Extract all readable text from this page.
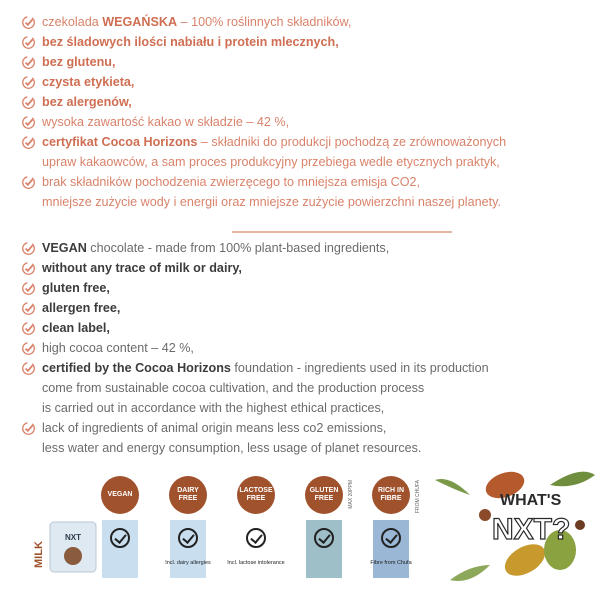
czekolada WEGAŃSKA – 100% roślinnych składników,
bez śladowych ilości nabiału i protein mlecznych,
bez glutenu,
czysta etykieta,
bez alergenów,
wysoka zawartość kakao w składzie – 42 %,
certyfikat Cocoa Horizons – składniki do produkcji pochodzą ze zrównoważonych
upraw kakaowców, a sam proces produkcyjny przebiega wedle etycznych praktyk,
brak składników pochodzenia zwierzęcego to mniejsza emisja CO2,
mniejsze zużycie wody i energii oraz mniejsze zużycie powierzchni naszej planety.
VEGAN chocolate - made from 100% plant-based ingredients,
without any trace of milk or dairy,
gluten free,
allergen free,
clean label,
high cocoa content – 42 %,
certified by the Cocoa Horizons foundation - ingredients used in its production
come from sustainable cocoa cultivation, and the production process
is carried out in accordance with the highest ethical practices,
lack of ingredients of animal origin means less co2 emissions,
less water and energy consumption, less usage of planet resources.
MILK
NXT
VEGAN
DAIRY
FREE
Incl. dairy allergies
LACTOSE
FREE
Incl. lactose intolerance
GLUTEN
FREE	MAX 20PPM	RICH IN
FIBRE
Fibre from Chufa
FROM CHUFA	WHAT'S
NXT?
